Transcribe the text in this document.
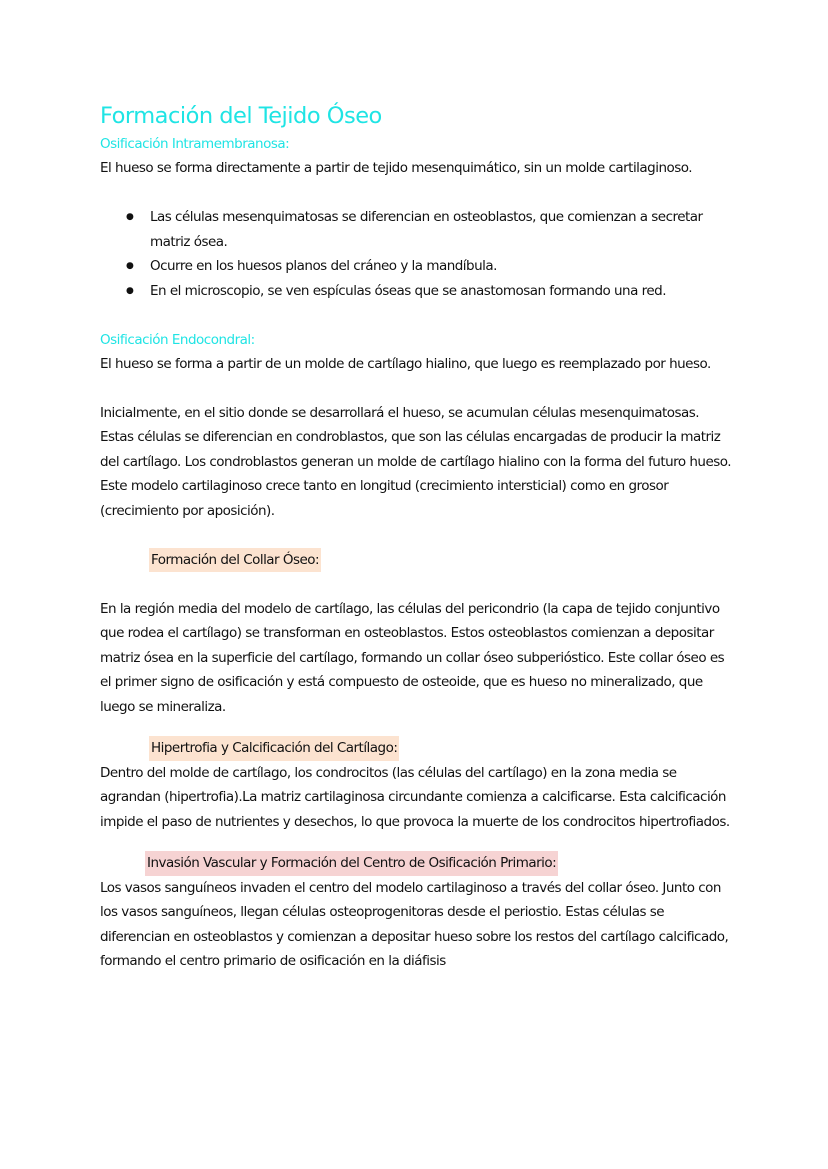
Formación del Tejido Óseo
Osificación Intramembranosa:

El hueso se forma directamente a partir de tejido mesenquimático, sin un molde cartilaginoso.

● Las células mesenquimatosas se diferencian en osteoblastos, que comienzan a secretar matriz ósea.
● Ocurre en los huesos planos del cráneo y la mandíbula.
● En el microscopio, se ven espículas óseas que se anastomosan formando una red.
Osificación Endocondral:

El hueso se forma a partir de un molde de cartílago hialino, que luego es reemplazado por hueso.

Inicialmente, en el sitio donde se desarrollará el hueso, se acumulan células mesenquimatosas. Estas células se diferencian en condroblastos, que son las células encargadas de producir la matriz del cartílago. Los condroblastos generan un molde de cartílago hialino con la forma del futuro hueso. Este modelo cartilaginoso crece tanto en longitud (crecimiento intersticial) como en grosor (crecimiento por aposición).

Formación del Collar Óseo:

En la región media del modelo de cartílago, las células del pericondrio (la capa de tejido conjuntivo que rodea el cartílago) se transforman en osteoblastos. Estos osteoblastos comienzan a depositar matriz ósea en la superficie del cartílago, formando un collar óseo subperióstico. Este collar óseo es el primer signo de osificación y está compuesto de osteoide, que es hueso no mineralizado, que luego se mineraliza.

Hipertrofia y Calcificación del Cartílago:

Dentro del molde de cartílago, los condrocitos (las células del cartílago) en la zona media se agrandan (hipertrofia).La matriz cartilaginosa circundante comienza a calcificarse. Esta calcificación impide el paso de nutrientes y desechos, lo que provoca la muerte de los condrocitos hipertrofiados.

Invasión Vascular y Formación del Centro de Osificación Primario:

Los vasos sanguíneos invaden el centro del modelo cartilaginoso a través del collar óseo. Junto con los vasos sanguíneos, llegan células osteoprogenitoras desde el periostio. Estas células se diferencian en osteoblastos y comienzan a depositar hueso sobre los restos del cartílago calcificado, formando el centro primario de osificación en la diáfisis
